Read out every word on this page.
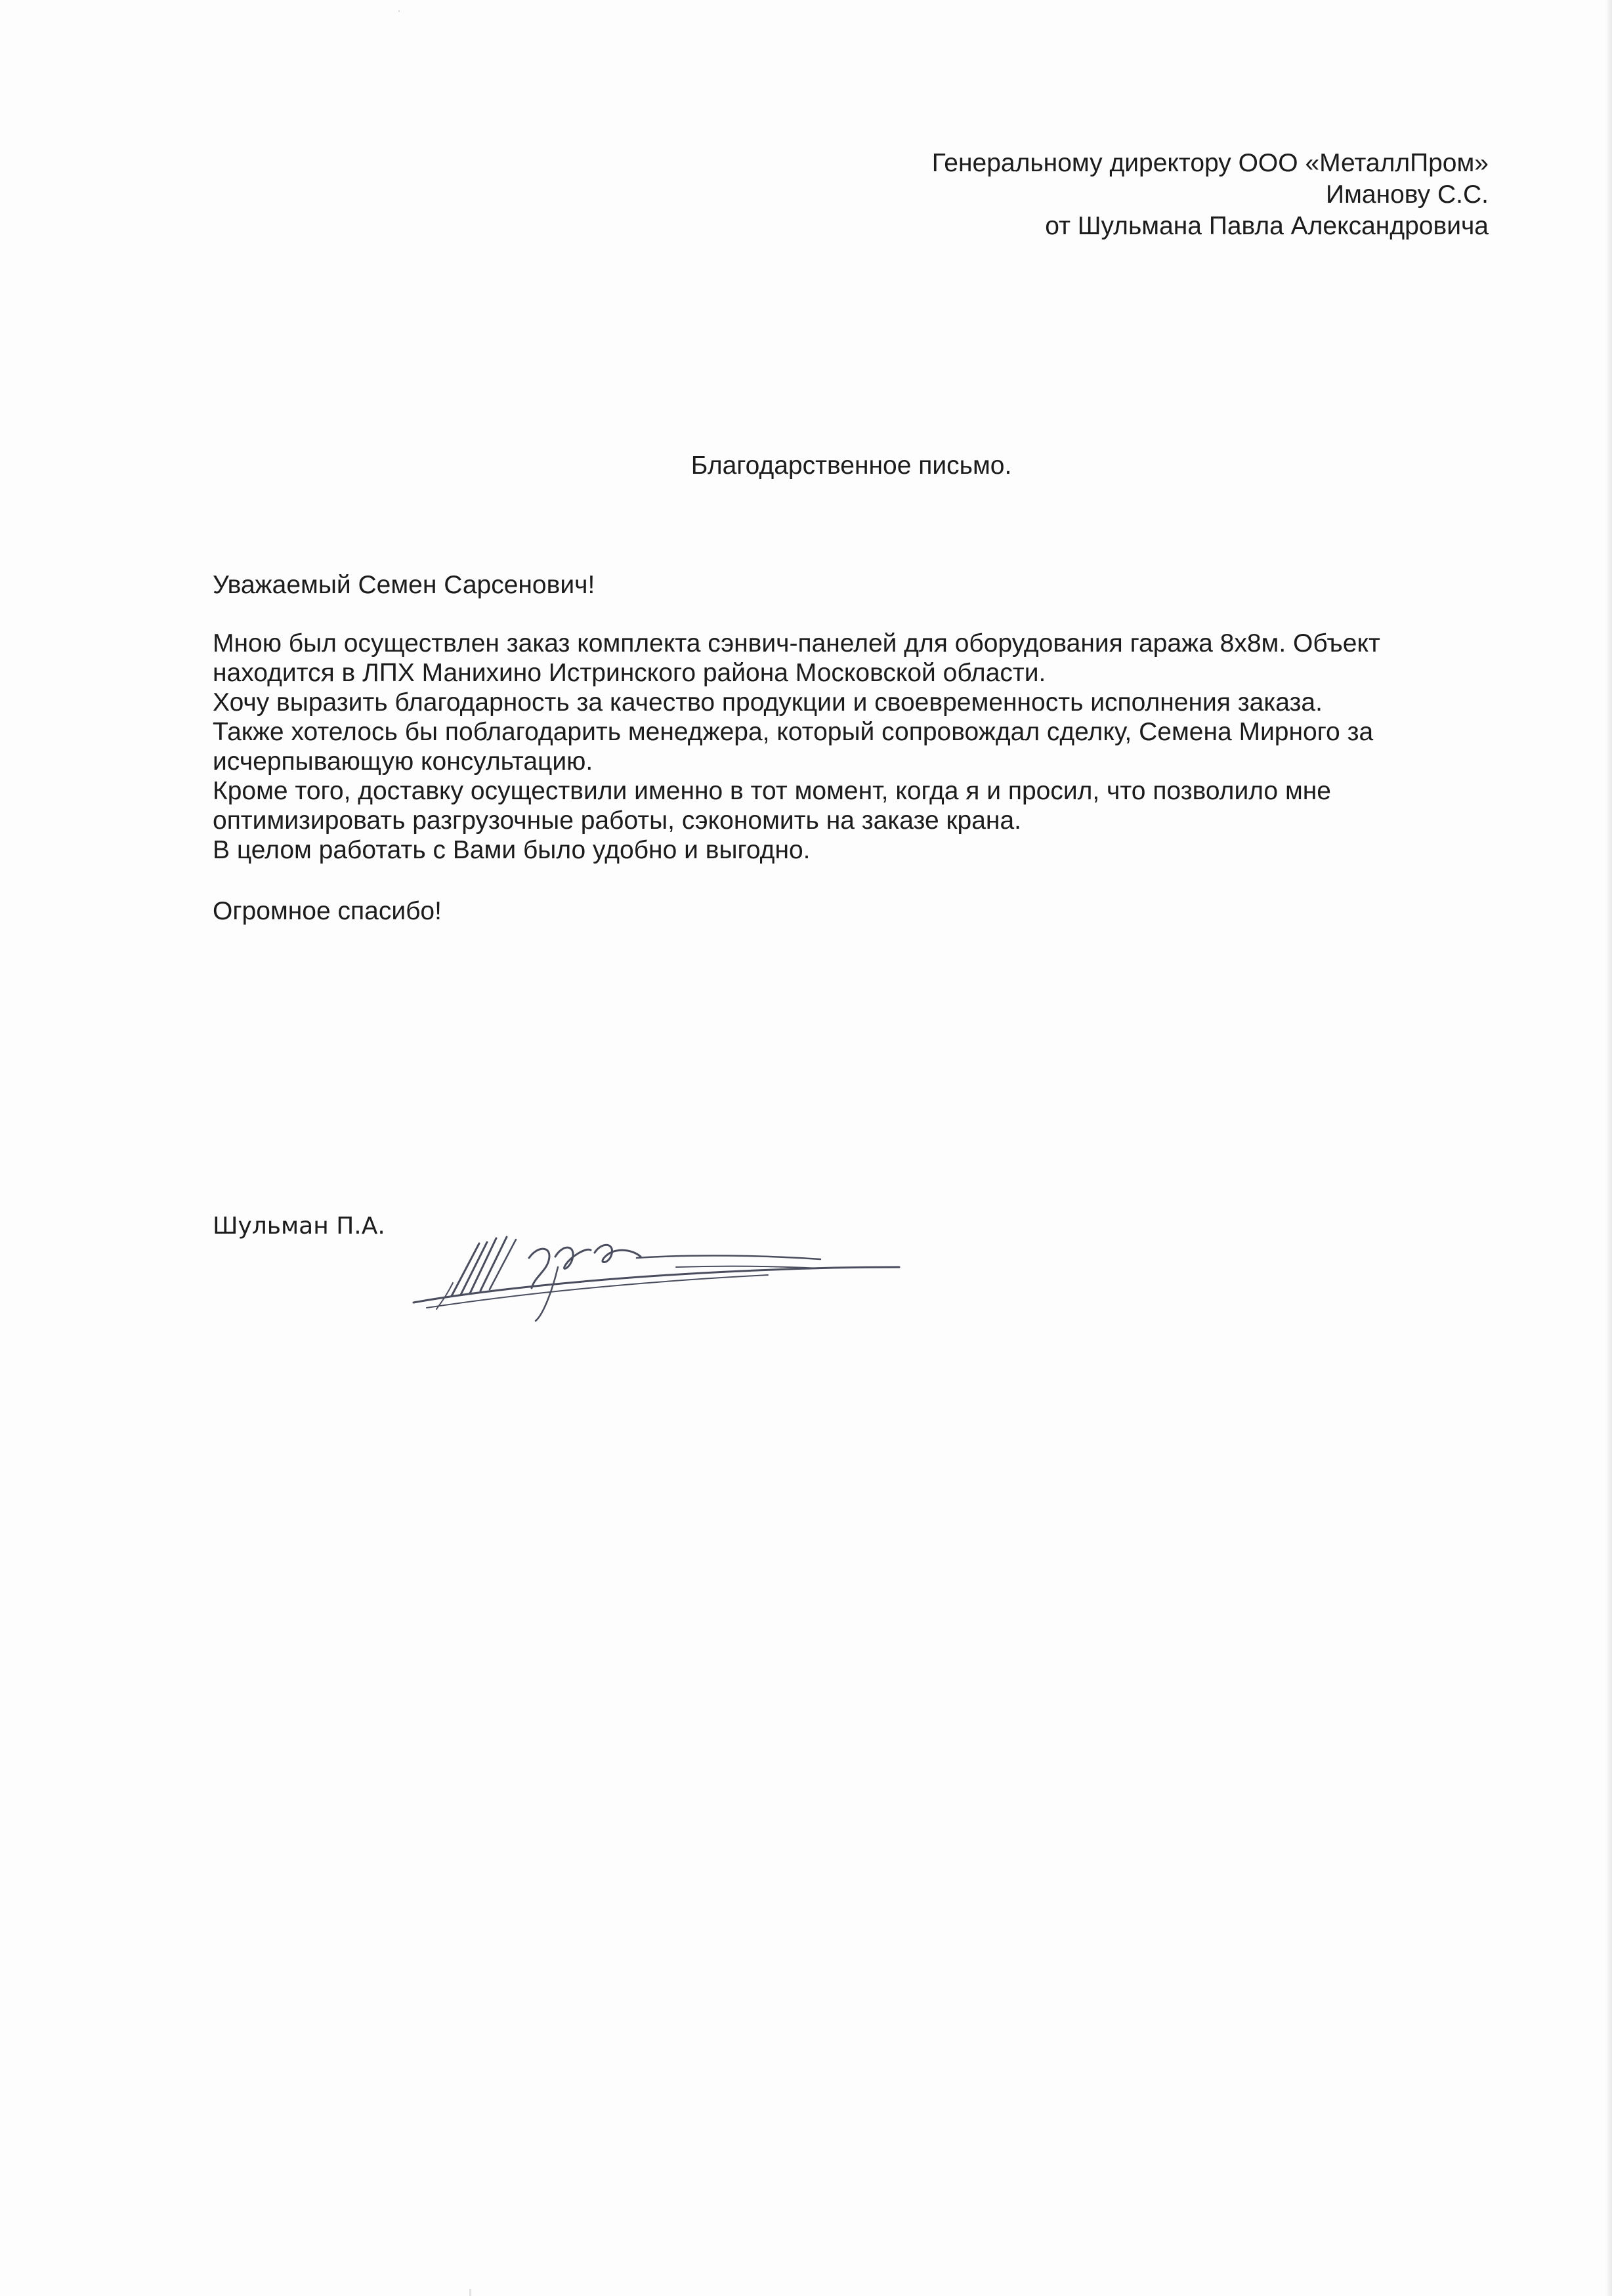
Генеральному директору ООО «МеталлПром»
Иманову С.С.
от Шульмана Павла Александровича
Благодарственное письмо.
Уважаемый Семен Сарсенович!
Мною был осуществлен заказ комплекта сэнвич-панелей для оборудования гаража 8х8м. Объект
находится в ЛПХ Манихино Истринского района Московской области.
Хочу выразить благодарность за качество продукции и своевременность исполнения заказа.
Также хотелось бы поблагодарить менеджера, который сопровождал сделку, Семена Мирного за
исчерпывающую консультацию.
Кроме того, доставку осуществили именно в тот момент, когда я и просил, что позволило мне
оптимизировать разгрузочные работы, сэкономить на заказе крана.
В целом работать с Вами было удобно и выгодно.
Огромное спасибо!
Шульман П.А.
